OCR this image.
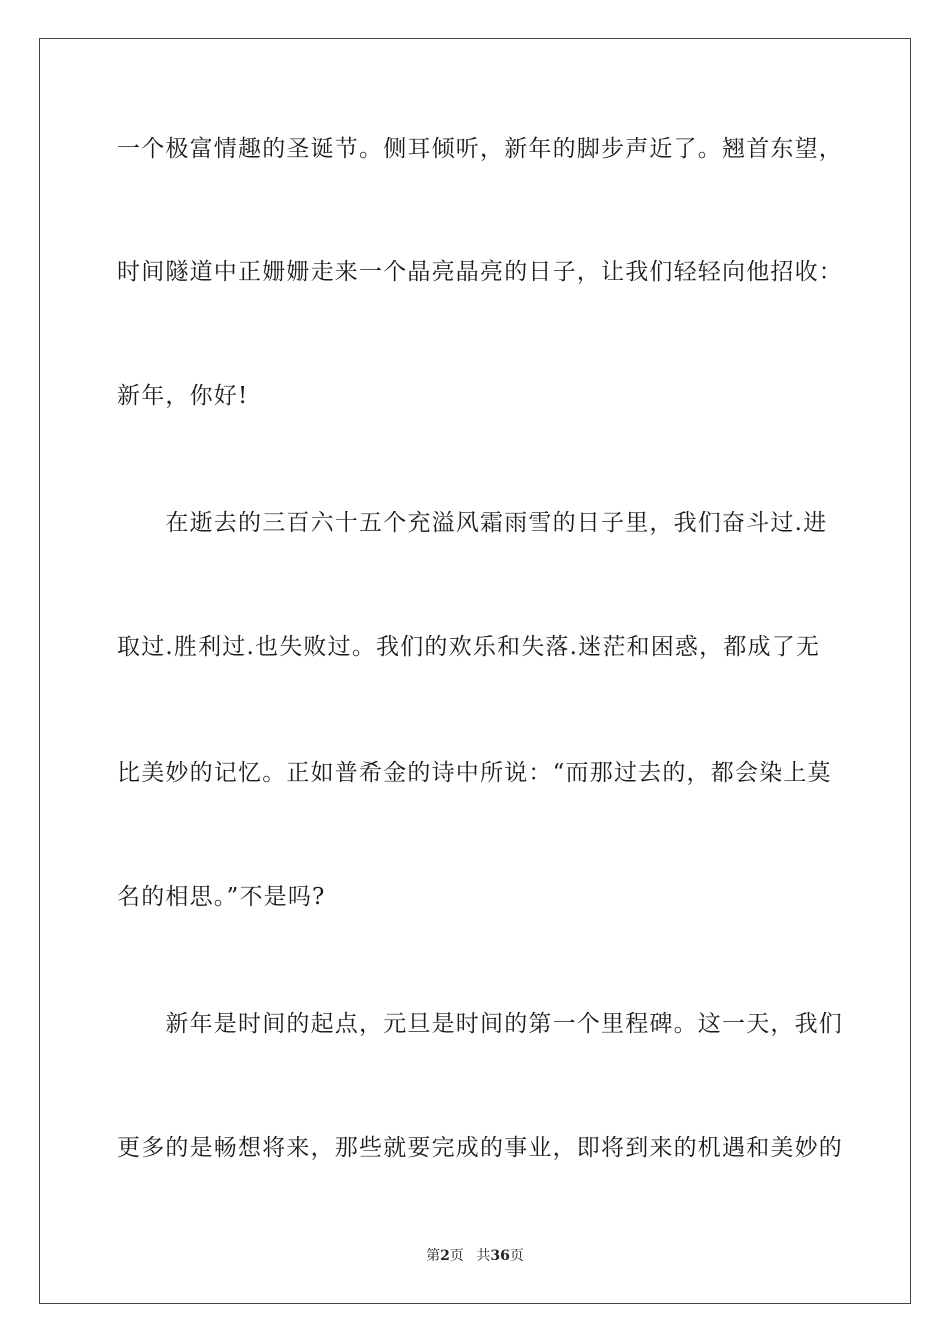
一个极富情趣的圣诞节。侧耳倾听，新年的脚步声近了。翘首东望，
时间隧道中正姗姗走来一个晶亮晶亮的日子，让我们轻轻向他招收：
新年，你好!
　　在逝去的三百六十五个充溢风霜雨雪的日子里，我们奋斗过.进
取过.胜利过.也失败过。我们的欢乐和失落.迷茫和困惑，都成了无
比美妙的记忆。正如普希金的诗中所说：“而那过去的，都会染上莫
名的相思。”不是吗?
　　新年是时间的起点，元旦是时间的第一个里程碑。这一天，我们
更多的是畅想将来，那些就要完成的事业，即将到来的机遇和美妙的
第2页 共36页
